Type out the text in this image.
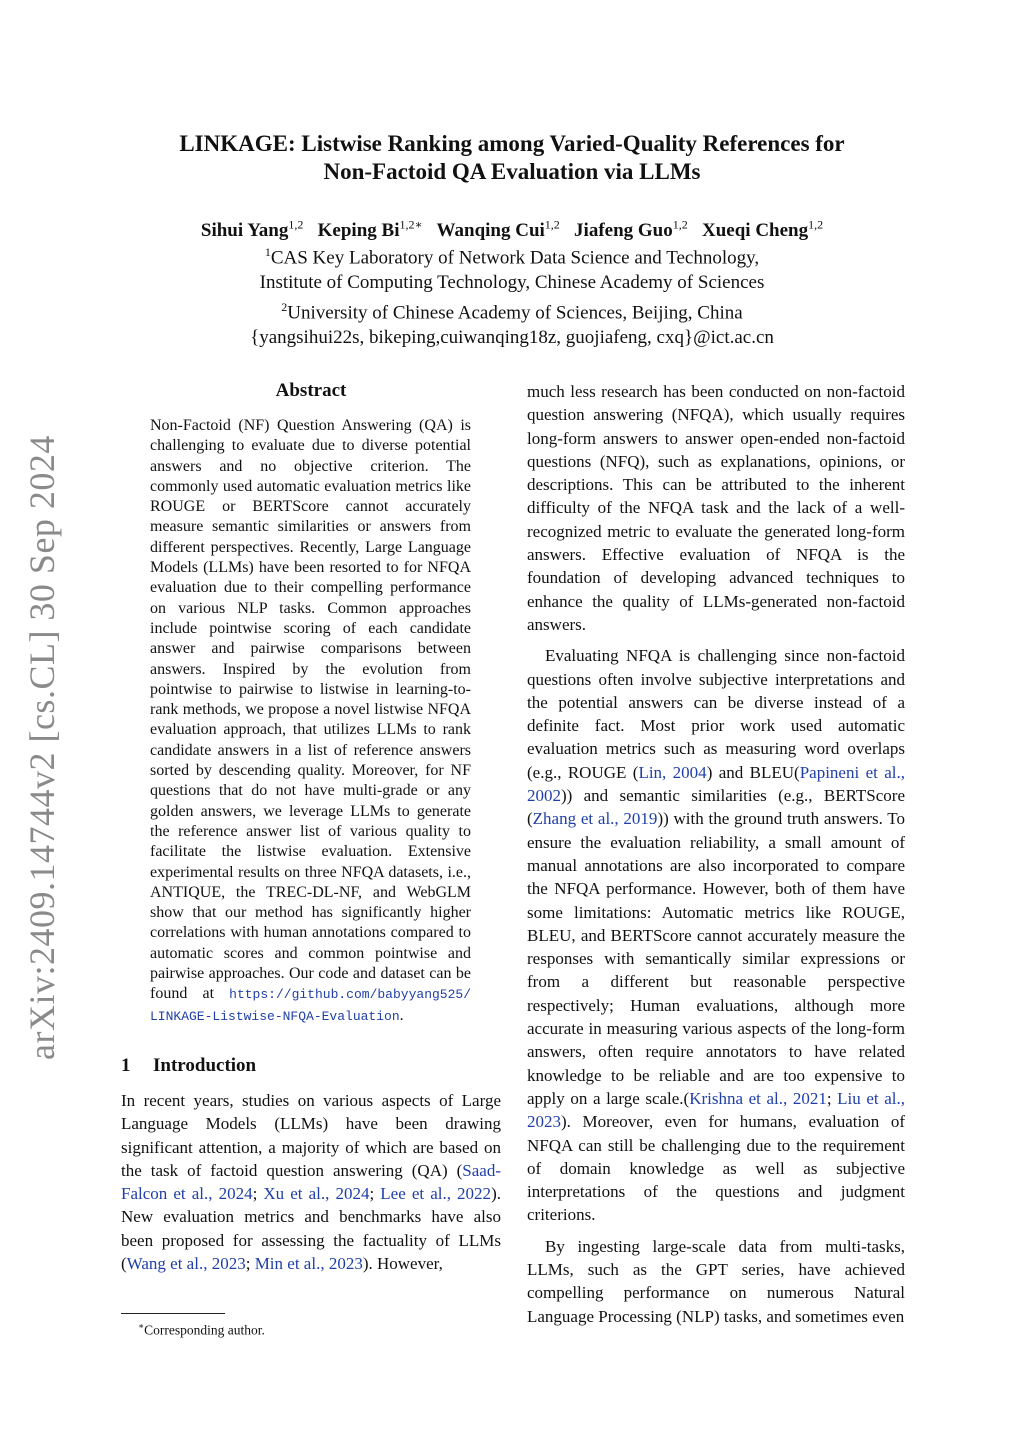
arXiv:2409.14744v2 [cs.CL] 30 Sep 2024
LINKAGE: Listwise Ranking among Varied-Quality References for
Non-Factoid QA Evaluation via LLMs
Sihui Yang$^{1,2}$ Keping $Bi^{1,2∗}$ Wanqing Cui$^{1,2}$ Jiafeng Guo$^{1,2}$ Xueqi Cheng$^{1,2}$

$^1$CAS Key Laboratory of Network Data Science and Technology,

Institute of Computing Technology, Chinese Academy of Sciences

$^2$University of Chinese Academy of Sciences, Beijing, China

{yangsihui22s, bikeping,cuiwanqing18z, guojiafeng, cxq}@ict.ac.cn

Abstract
Non-Factoid (NF) Question Answering (QA) is challenging to evaluate due to diverse potential answers and no objective criterion. The commonly used automatic evaluation metrics like ROUGE or BERTScore cannot accurately measure semantic similarities or answers from different perspectives. Recently, Large Language Models (LLMs) have been resorted to for NFQA evaluation due to their compelling performance on various NLP tasks. Common approaches include pointwise scoring of each candidate answer and pairwise comparisons between answers. Inspired by the evolution from pointwise to pairwise to listwise in learning-to-rank methods, we propose a novel listwise NFQA evaluation approach, that utilizes LLMs to rank candidate answers in a list of reference answers sorted by descending quality. Moreover, for NF questions that do not have multi-grade or any golden answers, we leverage LLMs to generate the reference answer list of various quality to facilitate the listwise evaluation. Extensive experimental results on three NFQA datasets, i.e., ANTIQUE, the TREC-DL-NF, and WebGLM show that our method has significantly higher correlations with human annotations compared to automatic scores and common pointwise and pairwise approaches. Our code and dataset can be found at https://github.com/babyyang525/ LINKAGE-Listwise-NFQA-Evaluation.
1 Introduction

In recent years, studies on various aspects of Large Language Models (LLMs) have been drawing significant attention, a majority of which are based on the task of factoid question answering (QA) (Saad-Falcon et al., 2024; Xu et al., 2024; Lee et al., 2022). New evaluation metrics and benchmarks have also been proposed for assessing the factuality of LLMs (Wang et al., 2023; Min et al., 2023). However,

much less research has been conducted on non-factoid question answering (NFQA), which usually requires long-form answers to answer open-ended non-factoid questions (NFQ), such as explanations, opinions, or descriptions. This can be attributed to the inherent difficulty of the NFQA task and the lack of a well-recognized metric to evaluate the generated long-form answers. Effective evaluation of NFQA is the foundation of developing advanced techniques to enhance the quality of LLMs-generated non-factoid answers.

Evaluating NFQA is challenging since non-factoid questions often involve subjective interpretations and the potential answers can be diverse instead of a definite fact. Most prior work used automatic evaluation metrics such as measuring word overlaps (e.g., ROUGE (Lin, 2004) and BLEU(Papineni et al., 2002)) and semantic similarities (e.g., BERTScore (Zhang et al., 2019)) with the ground truth answers. To ensure the evaluation reliability, a small amount of manual annotations are also incorporated to compare the NFQA performance. However, both of them have some limitations: Automatic metrics like ROUGE, BLEU, and BERTScore cannot accurately measure the responses with semantically similar expressions or from a different but reasonable perspective respectively; Human evaluations, although more accurate in measuring various aspects of the long-form answers, often require annotators to have related knowledge to be reliable and are too expensive to apply on a large scale.(Krishna et al., 2021; Liu et al., 2023). Moreover, even for humans, evaluation of NFQA can still be challenging due to the requirement of domain knowledge as well as subjective interpretations of the questions and judgment criterions.

By ingesting large-scale data from multi-tasks, LLMs, such as the GPT series, have achieved compelling performance on numerous Natural Language Processing (NLP) tasks, and sometimes even

∗Corresponding author.
